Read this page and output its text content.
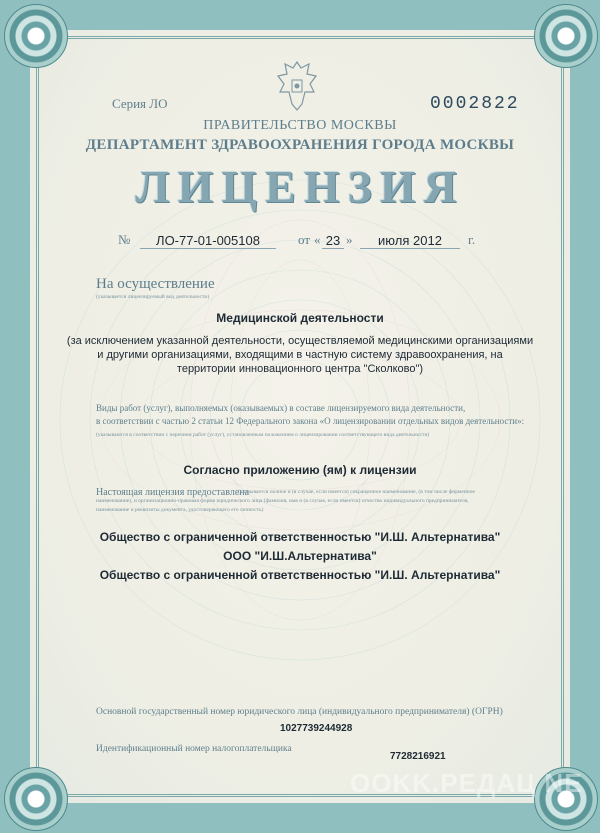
Серия ЛО	0002822
ПРАВИТЕЛЬСТВО МОСКВЫ
ДЕПАРТАМЕНТ ЗДРАВООХРАНЕНИЯ ГОРОДА МОСКВЫ
ЛИЦЕНЗИЯ
№	ЛО-77-01-005108	от « 23 »	июля 2012	г.
На осуществление
(указывается лицензируемый вид деятельности)
Медицинской деятельности
(за исключением указанной деятельности, осуществляемой медицинскими организациями
и другими организациями, входящими в частную систему здравоохранения, на
территории инновационного центра "Сколково")
Виды работ (услуг), выполняемых (оказываемых) в составе лицензируемого вида деятельности,
в соответствии с частью 2 статьи 12 Федерального закона «О лицензировании отдельных видов деятельности»:
(указываются в соответствии с перечнем работ (услуг), установленным положением о лицензировании соответствующего вида деятельности)
Согласно приложению (ям) к лицензии
Настоящая лицензия предоставлена
(указывается полное и (в случае, если имеется) сокращенное наименование, (в том числе фирменное
наименование), и организационно-правовая форма юридического лица (фамилия, имя и (в случае, если имеется) отчество индивидуального предпринимателя,
наименование и реквизиты документа, удостоверяющего его личность)
Общество с ограниченной ответственностью "И.Ш. Альтернатива"
ООО "И.Ш.Альтернатива"
Общество с ограниченной ответственностью "И.Ш. Альтернатива"
Основной государственный номер юридического лица (индивидуального предпринимателя) (ОГРН)
1027739244928
Идентификационный номер налогоплательщика
7728216921
OOKK.РЕДАЦ NE
